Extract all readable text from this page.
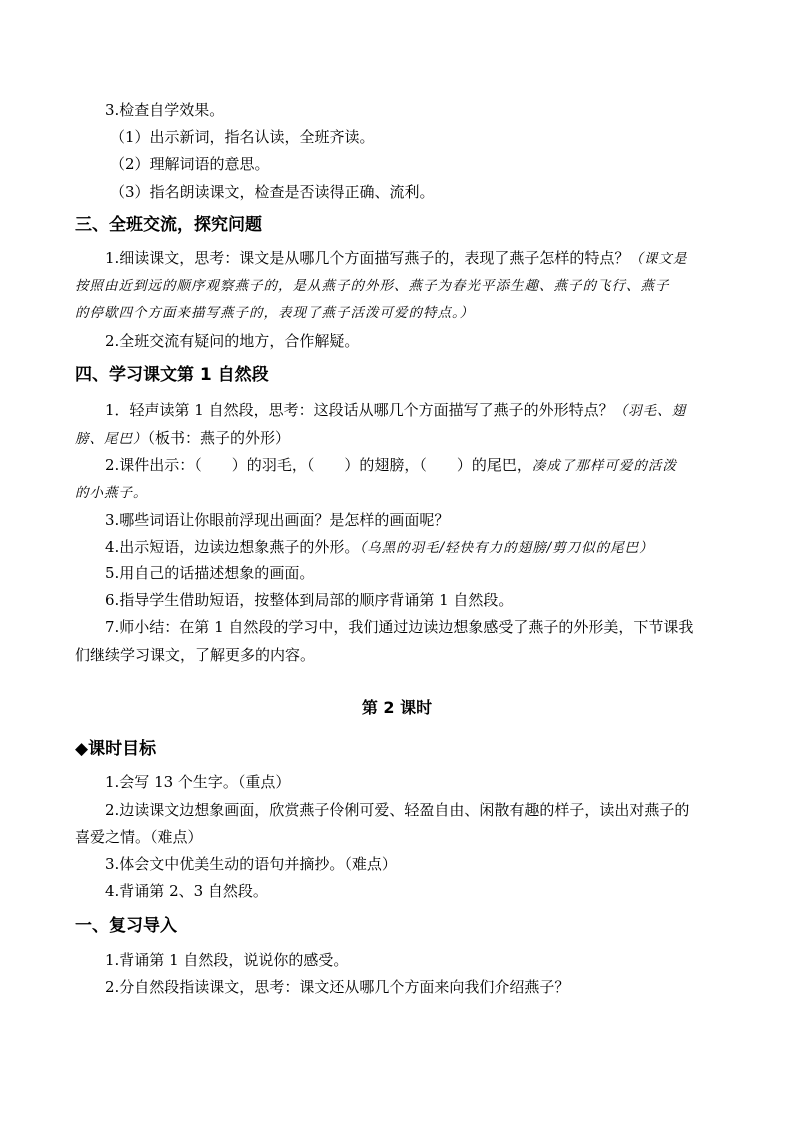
3.检查自学效果。
（1）出示新词，指名认读，全班齐读。
（2）理解词语的意思。
（3）指名朗读课文，检查是否读得正确、流利。
三、全班交流，探究问题
1.细读课文，思考：课文是从哪几个方面描写燕子的，表现了燕子怎样的特点？（课文是
按照由近到远的顺序观察燕子的，是从燕子的外形、燕子为春光平添生趣、燕子的飞行、燕子
的停歇四个方面来描写燕子的，表现了燕子活泼可爱的特点。）
2.全班交流有疑问的地方，合作解疑。
四、学习课文第 1 自然段
1．轻声读第 1 自然段，思考：这段话从哪几个方面描写了燕子的外形特点？（羽毛、翅
膀、尾巴）（板书：燕子的外形）
2.课件出示：（　　）的羽毛，（　　）的翅膀，（　　）的尾巴，凑成了那样可爱的活泼
的小燕子。
3.哪些词语让你眼前浮现出画面？是怎样的画面呢？
4.出示短语，边读边想象燕子的外形。（乌黑的羽毛/轻快有力的翅膀/剪刀似的尾巴）
5.用自己的话描述想象的画面。
6.指导学生借助短语，按整体到局部的顺序背诵第 1 自然段。
7.师小结：在第 1 自然段的学习中，我们通过边读边想象感受了燕子的外形美，下节课我
们继续学习课文，了解更多的内容。
第 2 课时
◆课时目标
1.会写 13 个生字。（重点）
2.边读课文边想象画面，欣赏燕子伶俐可爱、轻盈自由、闲散有趣的样子，读出对燕子的
喜爱之情。（难点）
3.体会文中优美生动的语句并摘抄。（难点）
4.背诵第 2、3 自然段。
一、复习导入
1.背诵第 1 自然段，说说你的感受。
2.分自然段指读课文，思考：课文还从哪几个方面来向我们介绍燕子？
